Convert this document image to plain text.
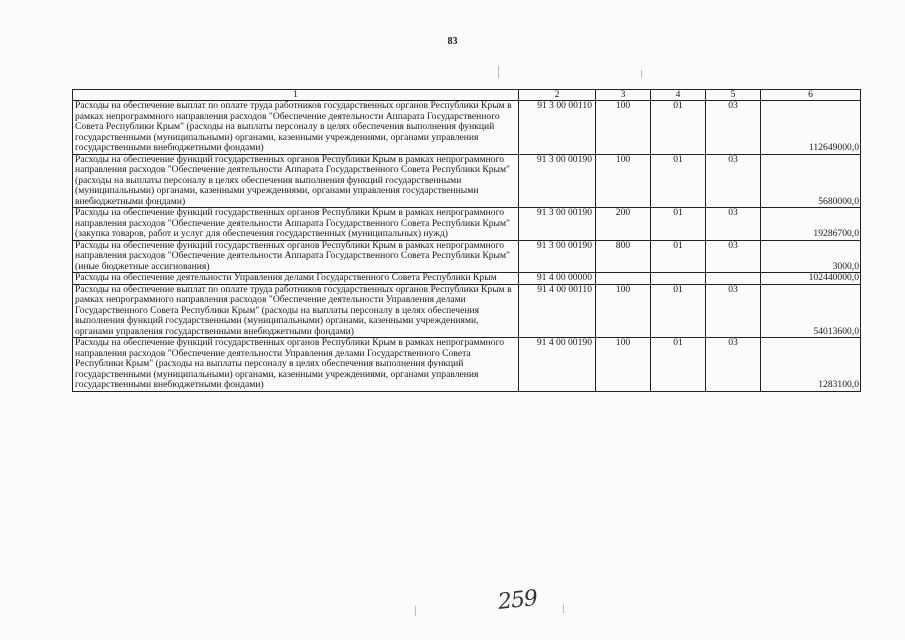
83
1	2	3	4	5	6
Расходы на обеспечение выплат по оплате труда работников государственных органов Республики Крым в рамках непрограммного направления расходов "Обеспечение деятельности Аппарата Государственного Совета Республики Крым" (расходы на выплаты персоналу в целях обеспечения выполнения функций государственными (муниципальными) органами, казенными учреждениями, органами управления государственными внебюджетными фондами)	91 3 00 00110	100	01	03	112649000,0
Расходы на обеспечение функций государственных органов Республики Крым в рамках непрограммного направления расходов "Обеспечение деятельности Аппарата Государственного Совета Республики Крым" (расходы на выплаты персоналу в целях обеспечения выполнения функций государственными (муниципальными) органами, казенными учреждениями, органами управления государственными внебюджетными фондами)	91 3 00 00190	100	01	03	5680000,0
Расходы на обеспечение функций государственных органов Республики Крым в рамках непрограммного направления расходов "Обеспечение деятельности Аппарата Государственного Совета Республики Крым" (закупка товаров, работ и услуг для обеспечения государственных (муниципальных) нужд)	91 3 00 00190	200	01	03	19286700,0
Расходы на обеспечение функций государственных органов Республики Крым в рамках непрограммного направления расходов "Обеспечение деятельности Аппарата Государственного Совета Республики Крым" (иные бюджетные ассигнования)	91 3 00 00190	800	01	03	3000,0
Расходы на обеспечение деятельности Управления делами Государственного Совета Республики Крым	91 4 00 00000				102440000,0
Расходы на обеспечение выплат по оплате труда работников государственных органов Республики Крым в рамках непрограммного направления расходов "Обеспечение деятельности Управления делами Государственного Совета Республики Крым" (расходы на выплаты персоналу в целях обеспечения выполнения функций государственными (муниципальными) органами, казенными учреждениями, органами управления государственными внебюджетными фондами)	91 4 00 00110	100	01	03	54013600,0
Расходы на обеспечение функций государственных органов Республики Крым в рамках непрограммного направления расходов "Обеспечение деятельности Управления делами Государственного Совета Республики Крым" (расходы на выплаты персоналу в целях обеспечения выполнения функций государственными (муниципальными) органами, казенными учреждениями, органами управления государственными внебюджетными фондами)	91 4 00 00190	100	01	03	1283100,0
259
